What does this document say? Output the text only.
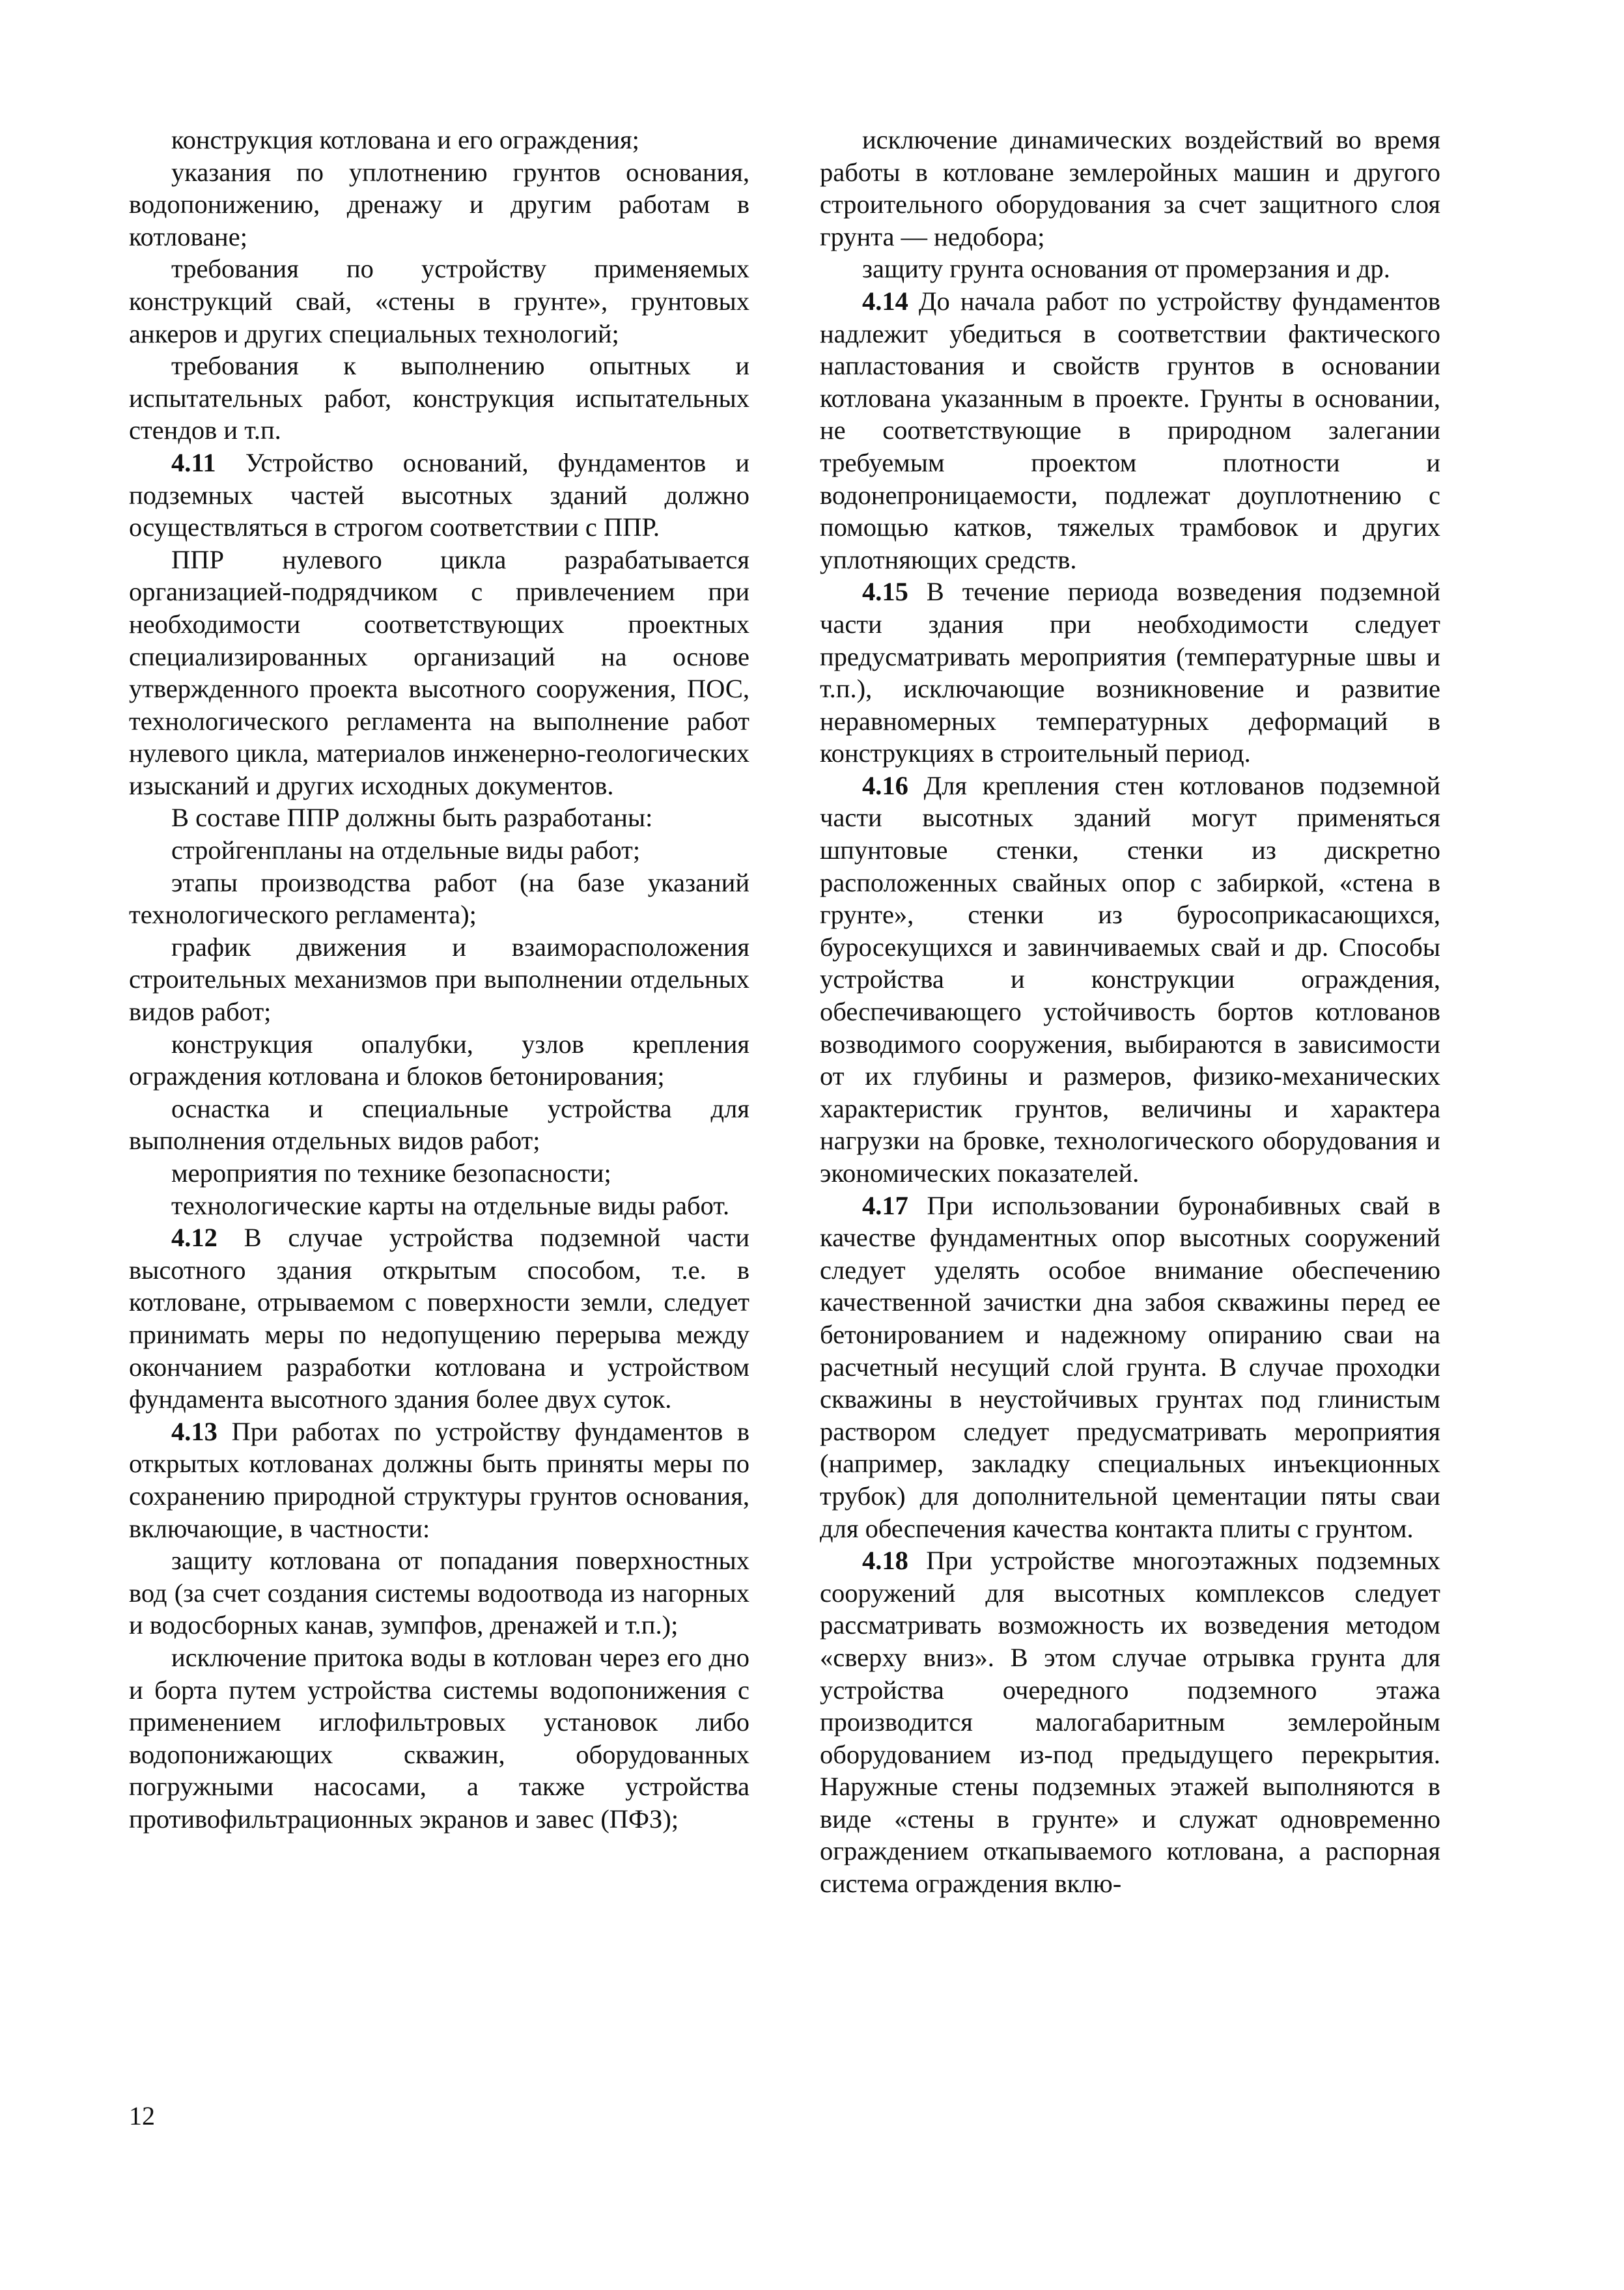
конструкция котлована и его ограждения;

указания по уплотнению грунтов основания, водопонижению, дренажу и другим работам в котловане;

требования по устройству применяемых конструкций свай, «стены в грунте», грунтовых анкеров и других специальных технологий;

требования к выполнению опытных и испытательных работ, конструкция испытательных стендов и т.п.

4.11 Устройство оснований, фундаментов и подземных частей высотных зданий должно осуществляться в строгом соответствии с ППР.

ППР нулевого цикла разрабатывается организацией-подрядчиком с привлечением при необходимости соответствующих проектных специализированных организаций на основе утвержденного проекта высотного сооружения, ПОС, технологического регламента на выполнение работ нулевого цикла, материалов инженерно-геологических изысканий и других исходных документов.

В составе ППР должны быть разработаны:

стройгенпланы на отдельные виды работ;

этапы производства работ (на базе указаний технологического регламента);

график движения и взаиморасположения строительных механизмов при выполнении отдельных видов работ;

конструкция опалубки, узлов крепления ограждения котлована и блоков бетонирования;

оснастка и специальные устройства для выполнения отдельных видов работ;

мероприятия по технике безопасности;

технологические карты на отдельные виды работ.

4.12 В случае устройства подземной части высотного здания открытым способом, т.е. в котловане, отрываемом с поверхности земли, следует принимать меры по недопущению перерыва между окончанием разработки котлована и устройством фундамента высотного здания более двух суток.

4.13 При работах по устройству фундаментов в открытых котлованах должны быть приняты меры по сохранению природной структуры грунтов основания, включающие, в частности:

защиту котлована от попадания поверхностных вод (за счет создания системы водоотвода из нагорных и водосборных канав, зумпфов, дренажей и т.п.);

исключение притока воды в котлован через его дно и борта путем устройства системы водопонижения с применением иглофильтровых установок либо водопонижающих скважин, оборудованных погружными насосами, а также устройства противофильтрационных экранов и завес (ПФЗ);

исключение динамических воздействий во время работы в котловане землеройных машин и другого строительного оборудования за счет защитного слоя грунта — недобора;

защиту грунта основания от промерзания и др.

4.14 До начала работ по устройству фундаментов надлежит убедиться в соответствии фактического напластования и свойств грунтов в основании котлована указанным в проекте. Грунты в основании, не соответствующие в природном залегании требуемым проектом плотности и водонепроницаемости, подлежат доуплотнению с помощью катков, тяжелых трамбовок и других уплотняющих средств.

4.15 В течение периода возведения подземной части здания при необходимости следует предусматривать мероприятия (температурные швы и т.п.), исключающие возникновение и развитие неравномерных температурных деформаций в конструкциях в строительный период.

4.16 Для крепления стен котлованов подземной части высотных зданий могут применяться шпунтовые стенки, стенки из дискретно расположенных свайных опор с забиркой, «стена в грунте», стенки из буросоприкасающихся, буросекущихся и завинчиваемых свай и др. Способы устройства и конструкции ограждения, обеспечивающего устойчивость бортов котлованов возводимого сооружения, выбираются в зависимости от их глубины и размеров, физико-механических характеристик грунтов, величины и характера нагрузки на бровке, технологического оборудования и экономических показателей.

4.17 При использовании буронабивных свай в качестве фундаментных опор высотных сооружений следует уделять особое внимание обеспечению качественной зачистки дна забоя скважины перед ее бетонированием и надежному опиранию сваи на расчетный несущий слой грунта. В случае проходки скважины в неустойчивых грунтах под глинистым раствором следует предусматривать мероприятия (например, закладку специальных инъекционных трубок) для дополнительной цементации пяты сваи для обеспечения качества контакта плиты с грунтом.

4.18 При устройстве многоэтажных подземных сооружений для высотных комплексов следует рассматривать возможность их возведения методом «сверху вниз». В этом случае отрывка грунта для устройства очередного подземного этажа производится малогабаритным землеройным оборудованием из-под предыдущего перекрытия. Наружные стены подземных этажей выполняются в виде «стены в грунте» и служат одновременно ограждением откапываемого котлована, а распорная система ограждения вклю-

12
